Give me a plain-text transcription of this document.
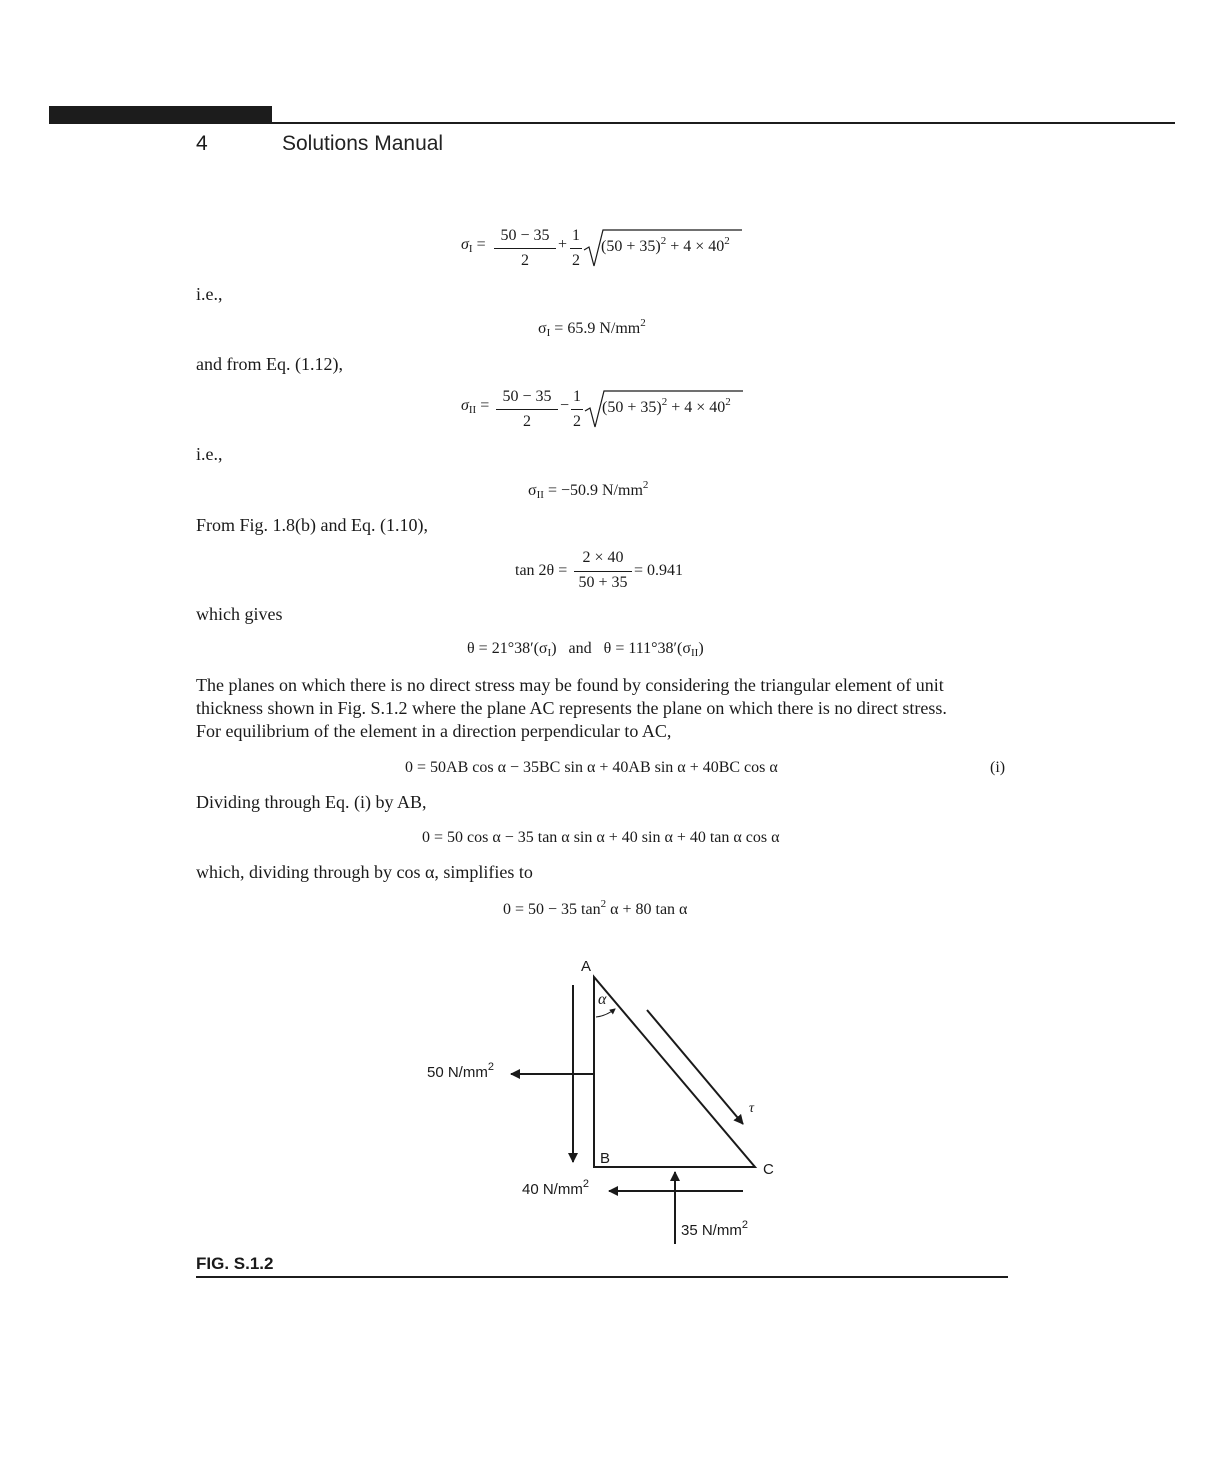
4	Solutions Manual
$\sigma_I$ =
50 − 35
2
+
1
2
$(50 + 35)^2 + 4 \times 40^2$
i.e.,
$\sigma_I = 65.9$ $N/mm^2$
and from Eq. (1.12),
$\sigma_{II}$ =
50 − 35
2
−
1
2
$(50 + 35)^2 + 4 \times 40^2$
i.e.,
$\sigma_{II} = -50.9$ $N/mm^2$
From Fig. 1.8(b) and Eq. (1.10),
tan 2θ =
2 × 40
50 + 35
= 0.941
which gives
$\theta = 21^\circ 38'(\sigma_I)$ and $\theta = 111^\circ 38'(\sigma_{II})$
The planes on which there is no direct stress may be found by considering the triangular element of unit
thickness shown in Fig. S.1.2 where the plane AC represents the plane on which there is no direct stress.
For equilibrium of the element in a direction perpendicular to AC,
0 = 50AB cos α − 35BC sin α + 40AB sin α + 40BC cos α	(i)
Dividing through Eq. (i) by AB,
0 = 50 cos α − 35 tan α sin α + 40 sin α + 40 tan α cos α
which, dividing through by cos α, simplifies to
0 = 50 − 35 $\tan^2 \alpha + 80$ tan α
A
B
C
α
τ
50 $N/mm^2$
40 $N/mm^2$
35 $N/mm^2$
FIG. S.1.2
